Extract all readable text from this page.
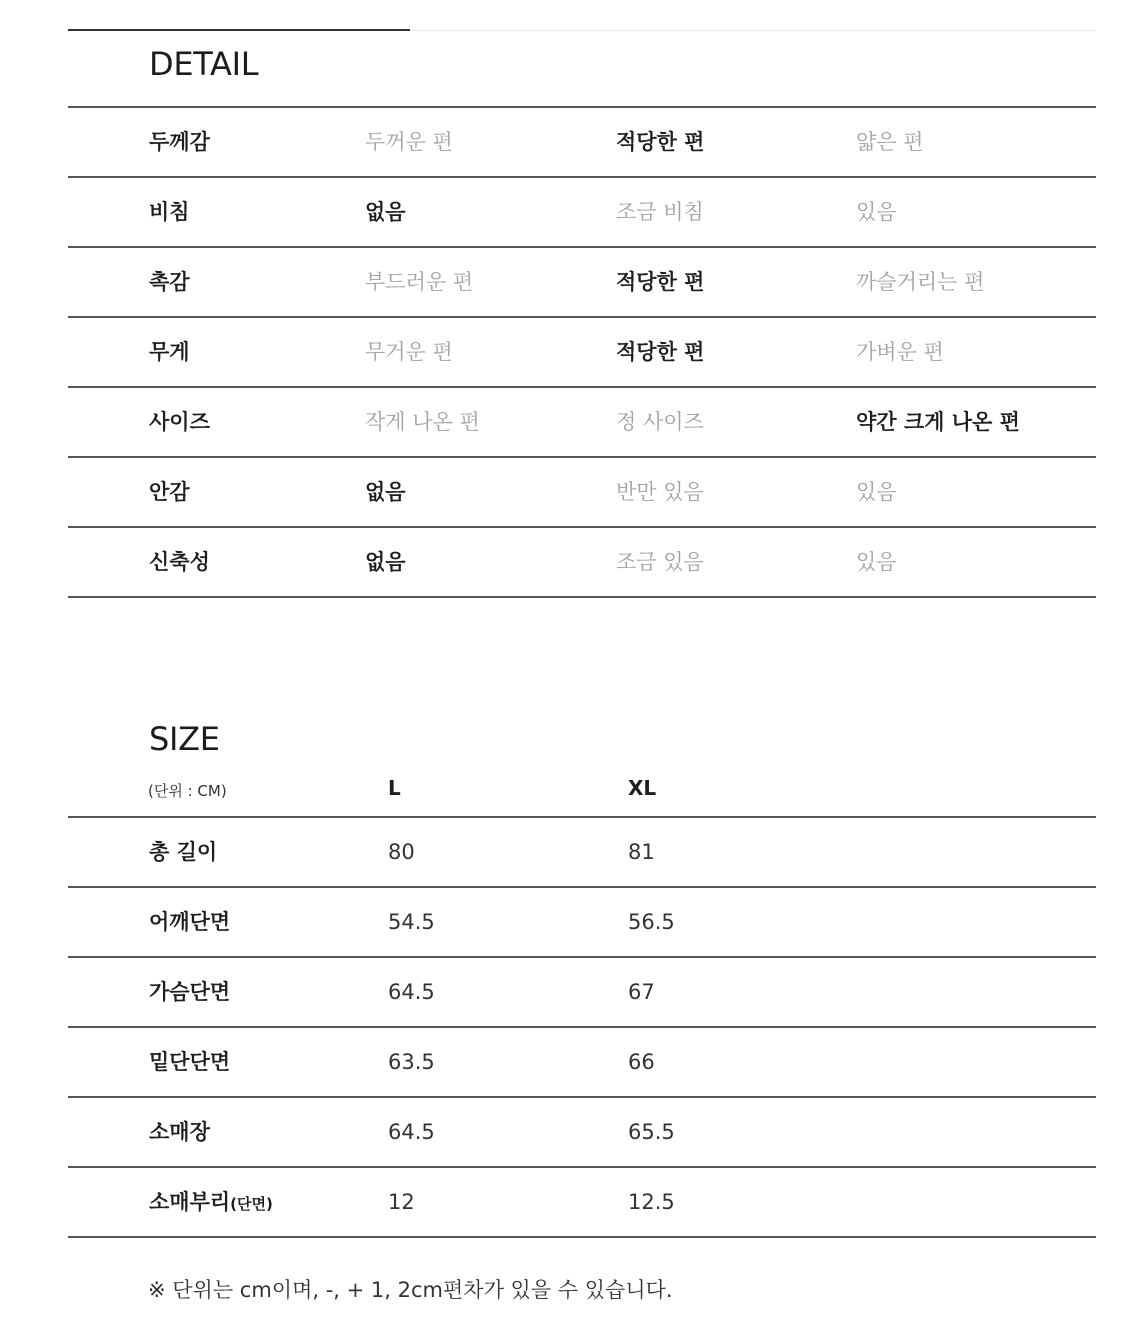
DETAIL
두께감	두꺼운 편	적당한 편	얇은 편
비침	없음	조금 비침	있음
촉감	부드러운 편	적당한 편	까슬거리는 편
무게	무거운 편	적당한 편	가벼운 편
사이즈	작게 나온 편	정 사이즈	약간 크게 나온 편
안감	없음	반만 있음	있음
신축성	없음	조금 있음	있음
SIZE
(단위 : CM)	L	XL
총 길이	80	81
어깨단면	54.5	56.5
가슴단면	64.5	67
밑단단면	63.5	66
소매장	64.5	65.5
소매부리(단면)	12	12.5
※ 단위는 cm이며, -, + 1, 2cm편차가 있을 수 있습니다.
